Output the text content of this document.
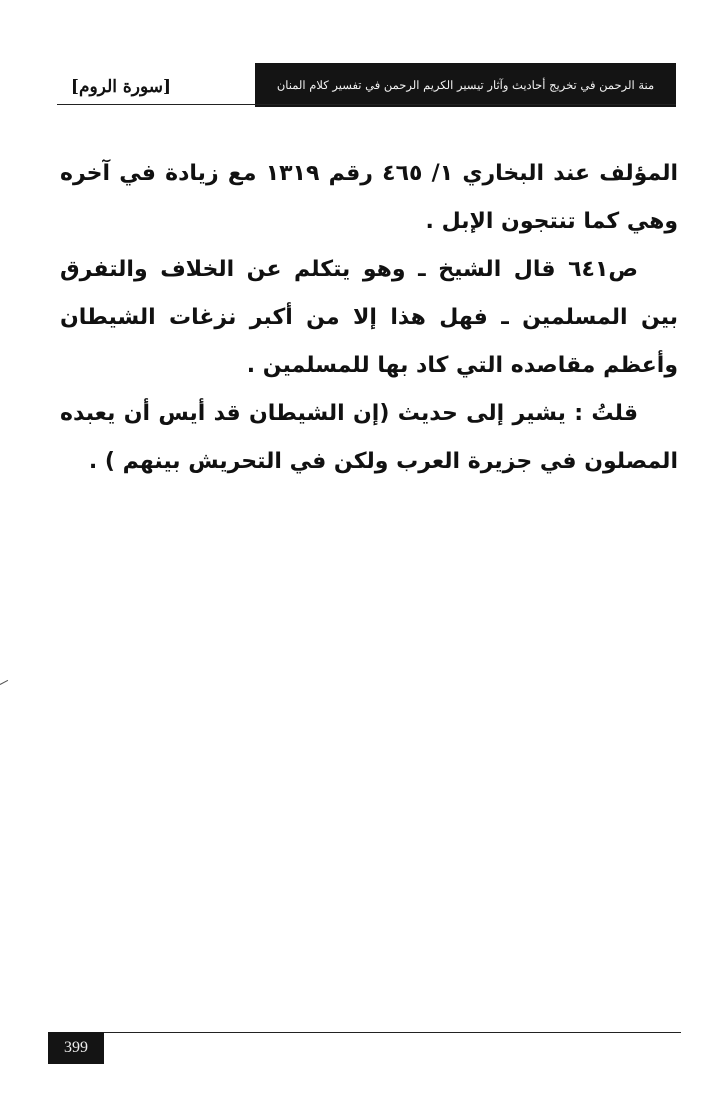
[سورة الروم]	منة الرحمن في تخريج أحاديث وآثار تيسير الكريم الرحمن في تفسير كلام المنان

المؤلف عند البخاري ١/ ٤٦٥ رقم ١٣١٩ مع زيادة في آخره وهي كما تنتجون الإبل .

ص٦٤١ قال الشيخ ـ وهو يتكلم عن الخلاف والتفرق بين المسلمين ـ فهل هذا إلا من أكبر نزغات الشيطان وأعظم مقاصده التي كاد بها للمسلمين .

قلتُ : يشير إلى حديث (إن الشيطان قد أيس أن يعبده المصلون في جزيرة العرب ولكن في التحريش بينهم ) .

399
